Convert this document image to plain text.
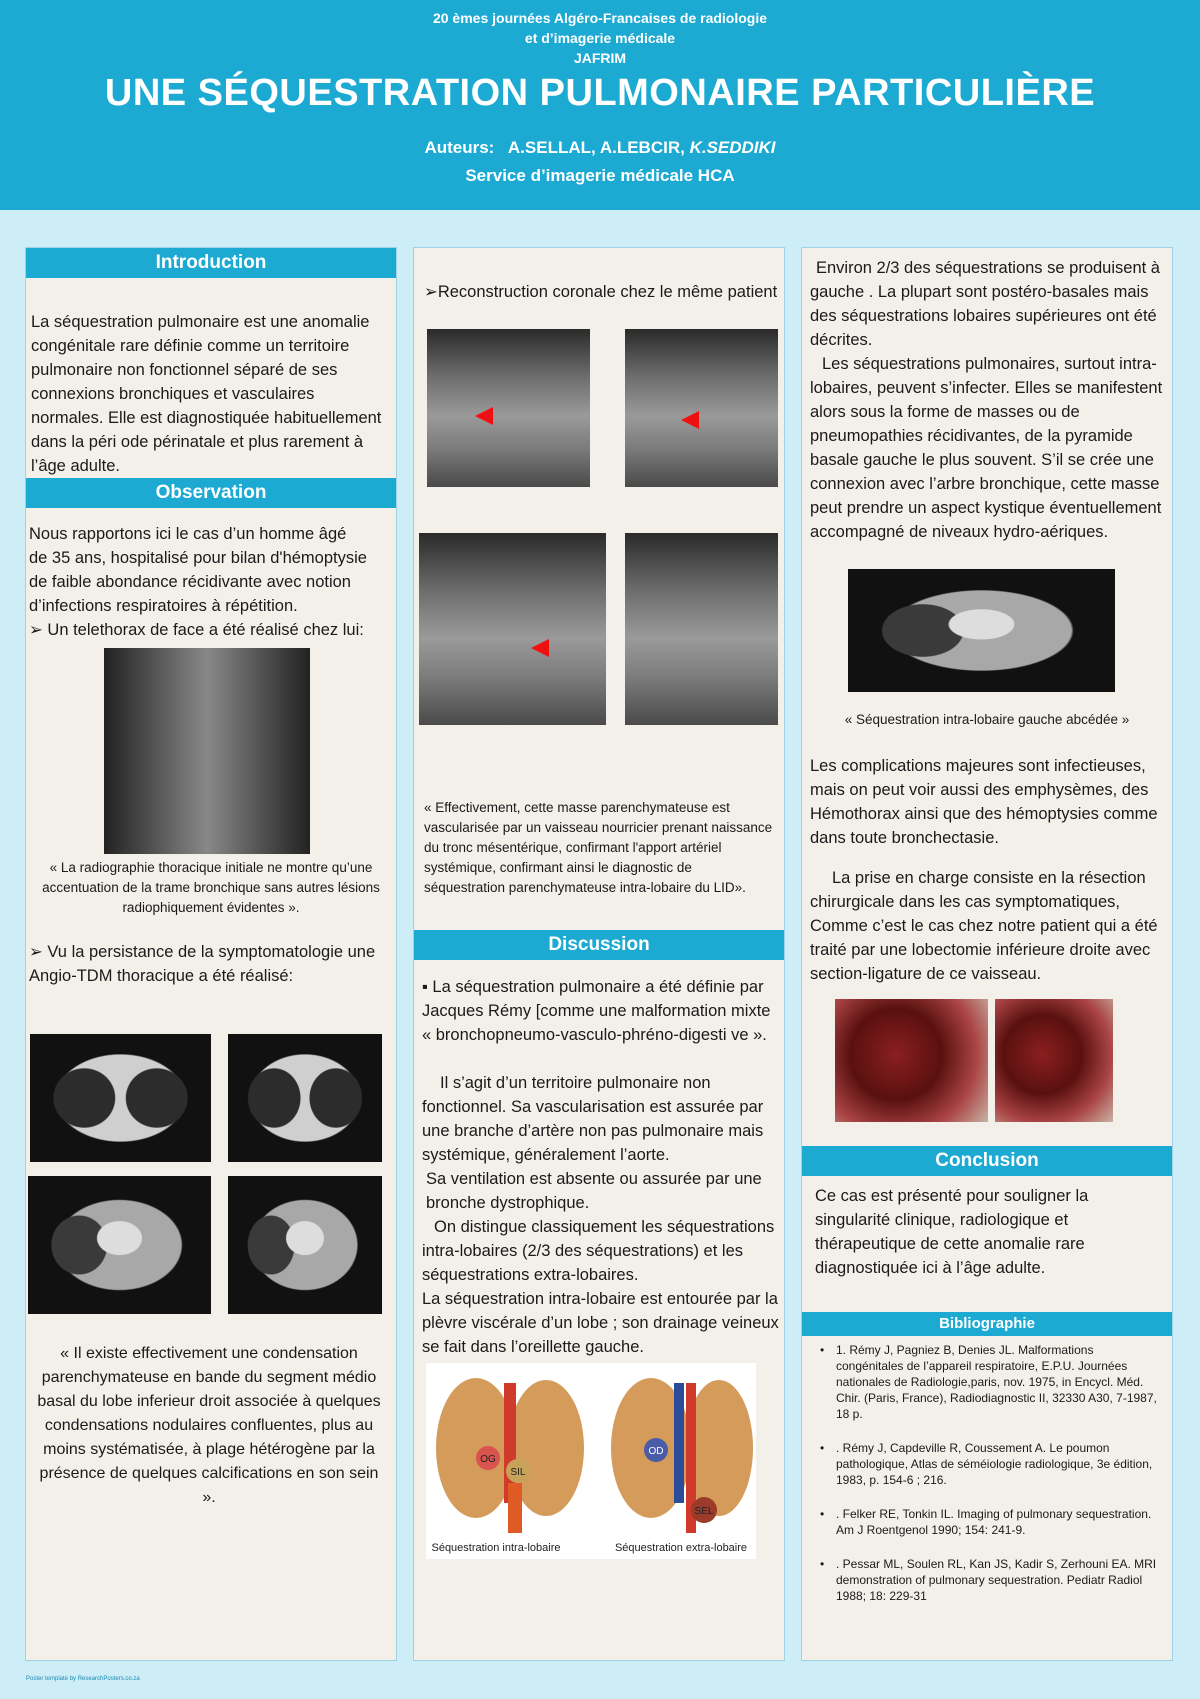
20 èmes journées Algéro-Francaises de radiologie
et d’imagerie médicale
JAFRIM
UNE SÉQUESTRATION PULMONAIRE PARTICULIÈRE
Auteurs: A.SELLAL, A.LEBCIR, K.SEDDIKI
Service d’imagerie médicale HCA
Introduction
La séquestration pulmonaire est une anomalie congénitale rare définie comme un territoire pulmonaire non fonctionnel séparé de ses connexions bronchiques et vasculaires normales. Elle est diagnostiquée habituellement dans la péri ode périnatale et plus rarement à l’âge adulte.
Observation
Nous rapportons ici le cas d’un homme âgé de 35 ans, hospitalisé pour bilan d'hémoptysie de faible abondance récidivante avec notion d’infections respiratoires à répétition.
➢ Un telethorax de face a été réalisé chez lui:
« La radiographie thoracique initiale ne montre qu’une accentuation de la trame bronchique sans autres lésions radiophiquement évidentes ».
➢ Vu la persistance de la symptomatologie une Angio-TDM thoracique a été réalisé:
« Il existe effectivement une condensation parenchymateuse en bande du segment médio basal du lobe inferieur droit associée à quelques condensations nodulaires confluentes, plus au moins systématisée, à plage hétérogène par la présence de quelques calcifications en son sein ».
➢Reconstruction coronale chez le même patient
« Effectivement, cette masse parenchymateuse est vascularisée par un vaisseau nourricier prenant naissance du tronc mésentérique, confirmant l'apport artériel systémique, confirmant ainsi le diagnostic de séquestration parenchymateuse intra-lobaire du LID».
Discussion
▪ La séquestration pulmonaire a été définie par Jacques Rémy [comme une malformation mixte « bronchopneumo-vasculo-phréno-digesti ve ».
Il s’agit d’un territoire pulmonaire non fonctionnel. Sa vascularisation est assurée par une branche d’artère non pas pulmonaire mais systémique, généralement l’aorte.
Sa ventilation est absente ou assurée par une bronche dystrophique.
On distingue classiquement les séquestrations intra-lobaires (2/3 des séquestrations) et les séquestrations extra-lobaires.
La séquestration intra-lobaire est entourée par la plèvre viscérale d’un lobe ; son drainage veineux se fait dans l’oreillette gauche.
OG
SIL
OD
SEL
Séquestration intra-lobaire	Séquestration extra-lobaire
Environ 2/3 des séquestrations se produisent à gauche . La plupart sont postéro-basales mais des séquestrations lobaires supérieures ont été décrites.
Les séquestrations pulmonaires, surtout intra-lobaires, peuvent s’infecter. Elles se manifestent alors sous la forme de masses ou de pneumopathies récidivantes, de la pyramide basale gauche le plus souvent. S’il se crée une connexion avec l’arbre bronchique, cette masse peut prendre un aspect kystique éventuellement accompagné de niveaux hydro-aériques.
« Séquestration intra-lobaire gauche abcédée »
Les complications majeures sont infectieuses, mais on peut voir aussi des emphysèmes, des Hémothorax ainsi que des hémoptysies comme dans toute bronchectasie.
La prise en charge consiste en la résection chirurgicale dans les cas symptomatiques, Comme c’est le cas chez notre patient qui a été traité par une lobectomie inférieure droite avec section-ligature de ce vaisseau.
Conclusion
Ce cas est présenté pour souligner la singularité clinique, radiologique et thérapeutique de cette anomalie rare diagnostiquée ici à l’âge adulte.
Bibliographie
• 1. Rémy J, Pagniez B, Denies JL. Malformations congénitales de l’appareil respiratoire, E.P.U. Journées nationales de Radiologie,paris, nov. 1975, in Encycl. Méd. Chir. (Paris, France), Radiodiagnostic II, 32330 A30, 7-1987, 18 p.
• . Rémy J, Capdeville R, Coussement A. Le poumon pathologique, Atlas de séméiologie radiologique, 3e édition, 1983, p. 154-6 ; 216.
• . Felker RE, Tonkin IL. Imaging of pulmonary sequestration. Am J Roentgenol 1990; 154: 241-9.
• . Pessar ML, Soulen RL, Kan JS, Kadir S, Zerhouni EA. MRI demonstration of pulmonary sequestration. Pediatr Radiol 1988; 18: 229-31
Poster template by ResearchPosters.co.za
